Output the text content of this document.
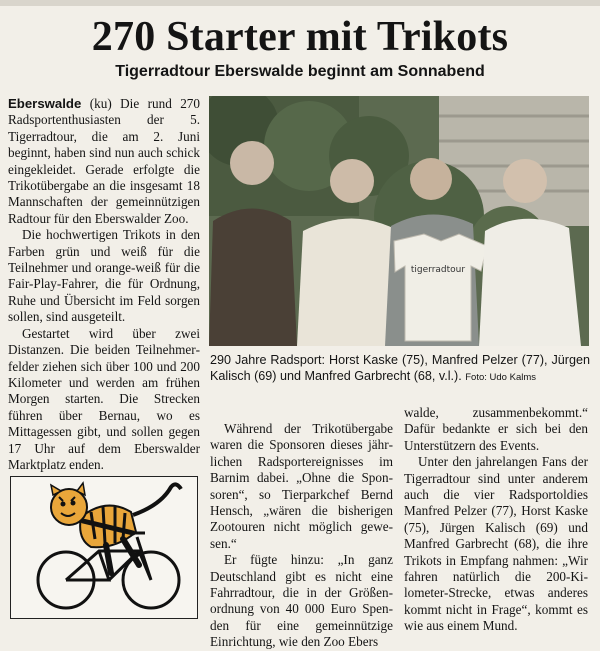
270 Starter mit Trikots
Tigerradtour Eberswalde beginnt am Sonnabend

Eberswalde (ku) Die rund 270 Radsportenthusiasten der 5. Tigerradtour, die am 2. Juni beginnt, haben sind nun auch schick eingekleidet. Gerade erfolgte die Trikotübergabe an die insgesamt 18 Mannschaften der gemeinnützigen Radtour für den Eberswalder Zoo.

Die hochwertigen Trikots in den Farben grün und weiß für die Teilnehmer und orange-weiß für die Fair-Play-Fahrer, die für Ordnung, Ruhe und Übersicht im Feld sorgen sollen, sind ausgeteilt.

Gestartet wird über zwei Distanzen. Die beiden Teilnehmerfelder ziehen sich über 100 und 200 Kilometer und werden am frühen Morgen starten. Die Strecken führen über Bernau, wo es Mittagessen gibt, und sollen gegen 17 Uhr auf dem Eberswalder Marktplatz enden.

tigerradtour
290 Jahre Radsport: Horst Kaske (75), Manfred Pelzer (77), Jürgen Kalisch (69) und Manfred Garbrecht (68, v.l.). Foto: Udo Kalms

Während der Trikotübergabe waren die Sponsoren dieses jährlichen Radsportereignisses im Barnim dabei. „Ohne die Sponsoren“, so Tierparkchef Bernd Hensch, „wären die bisherigen Zootouren nicht möglich gewesen.“

Er fügte hinzu: „In ganz Deutschland gibt es nicht eine Fahrradtour, die in der Größenordnung von 40 000 Euro Spenden für eine gemeinnützige Einrichtung, wie den Zoo Ebers

walde, zusammenbekommt.“ Dafür bedankte er sich bei den Unterstützern des Events.

Unter den jahrelangen Fans der Tigerradtour sind unter anderem auch die vier Radsportoldies Manfred Pelzer (77), Horst Kaske (75), Jürgen Kalisch (69) und Manfred Garbrecht (68), die ihre Trikots in Empfang nahmen: „Wir fahren natürlich die 200-Kilometer-Strecke, etwas anderes kommt nicht in Frage“, kommt es wie aus einem Mund.
